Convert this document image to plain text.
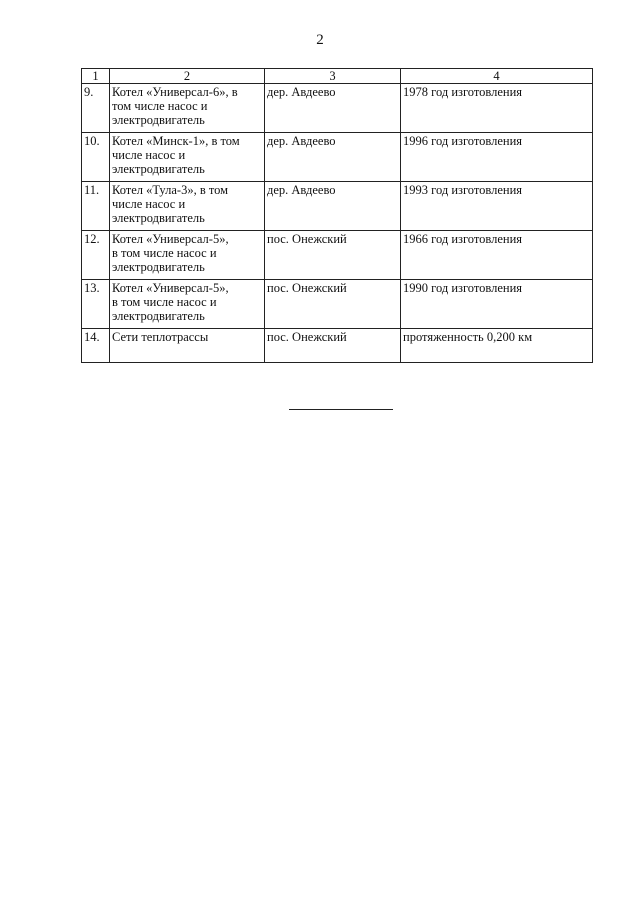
2
1	2	3	4
9.	Котел «Универсал-6», в
том числе насос и
электродвигатель	дер. Авдеево	1978 год изготовления
10.	Котел «Минск-1», в том
числе насос и
электродвигатель	дер. Авдеево	1996 год изготовления
11.	Котел «Тула-3», в том
числе насос и
электродвигатель	дер. Авдеево	1993 год изготовления
12.	Котел «Универсал-5»,
в том числе насос и
электродвигатель	пос. Онежский	1966 год изготовления
13.	Котел «Универсал-5»,
в том числе насос и
электродвигатель	пос. Онежский	1990 год изготовления
14.	Сети теплотрассы	пос. Онежский	протяженность 0,200 км
